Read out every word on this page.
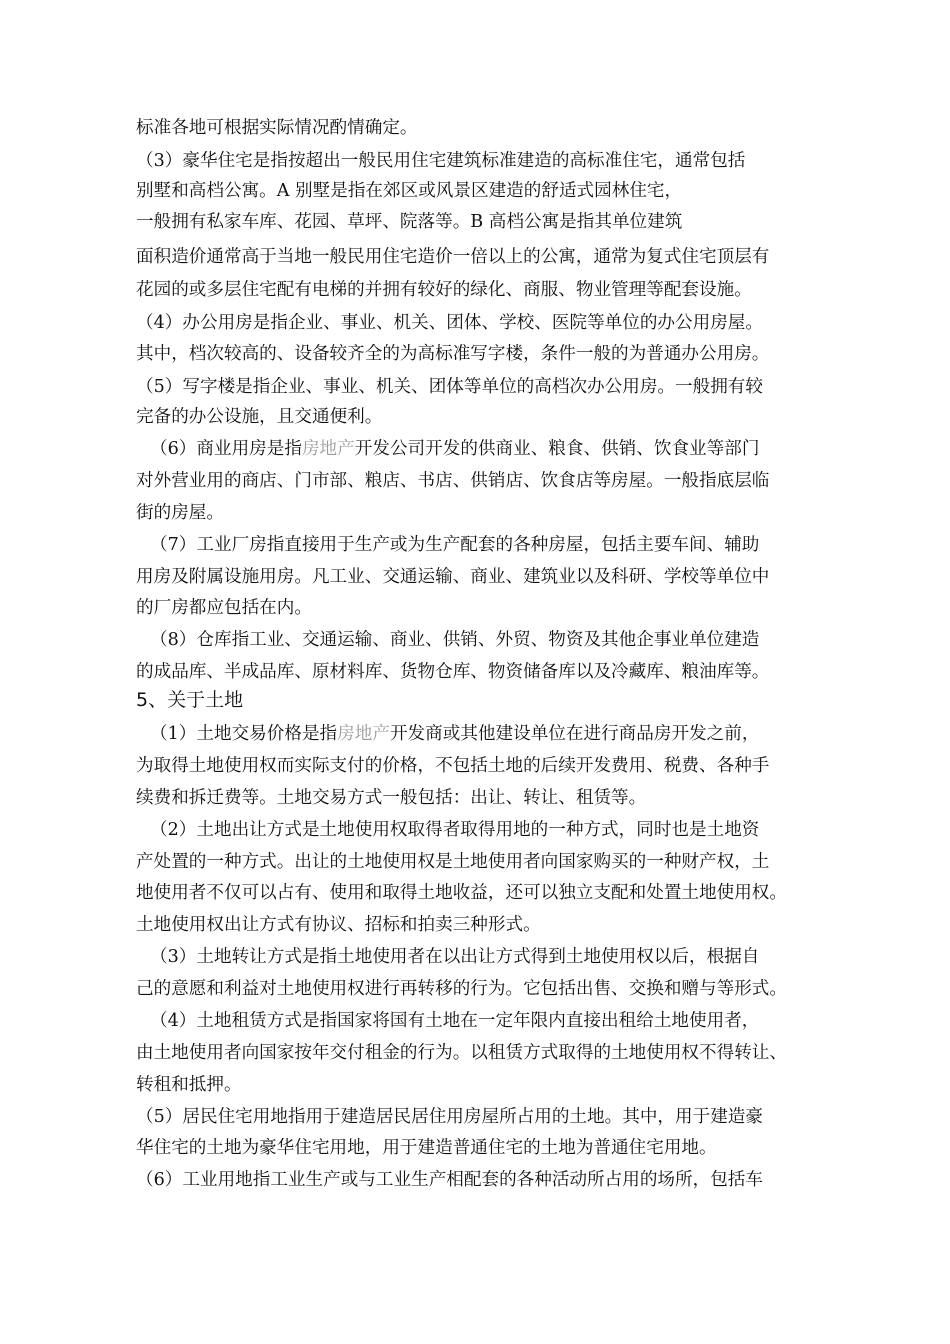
标准各地可根据实际情况酌情确定。
（3）豪华住宅是指按超出一般民用住宅建筑标准建造的高标准住宅，通常包括
别墅和高档公寓。A 别墅是指在郊区或风景区建造的舒适式园林住宅，
一般拥有私家车库、花园、草坪、院落等。B 高档公寓是指其单位建筑
面积造价通常高于当地一般民用住宅造价一倍以上的公寓，通常为复式住宅顶层有
花园的或多层住宅配有电梯的并拥有较好的绿化、商服、物业管理等配套设施。
（4）办公用房是指企业、事业、机关、团体、学校、医院等单位的办公用房屋。
其中，档次较高的、设备较齐全的为高标准写字楼，条件一般的为普通办公用房。
（5）写字楼是指企业、事业、机关、团体等单位的高档次办公用房。一般拥有较
完备的办公设施，且交通便利。
（6）商业用房是指房地产开发公司开发的供商业、粮食、供销、饮食业等部门
对外营业用的商店、门市部、粮店、书店、供销店、饮食店等房屋。一般指底层临
街的房屋。
（7）工业厂房指直接用于生产或为生产配套的各种房屋，包括主要车间、辅助
用房及附属设施用房。凡工业、交通运输、商业、建筑业以及科研、学校等单位中
的厂房都应包括在内。
（8）仓库指工业、交通运输、商业、供销、外贸、物资及其他企事业单位建造
的成品库、半成品库、原材料库、货物仓库、物资储备库以及冷藏库、粮油库等。
5、关于土地
（1）土地交易价格是指房地产开发商或其他建设单位在进行商品房开发之前，
为取得土地使用权而实际支付的价格，不包括土地的后续开发费用、税费、各种手
续费和拆迁费等。土地交易方式一般包括：出让、转让、租赁等。
（2）土地出让方式是土地使用权取得者取得用地的一种方式，同时也是土地资
产处置的一种方式。出让的土地使用权是土地使用者向国家购买的一种财产权，土
地使用者不仅可以占有、使用和取得土地收益，还可以独立支配和处置土地使用权。
土地使用权出让方式有协议、招标和拍卖三种形式。
（3）土地转让方式是指土地使用者在以出让方式得到土地使用权以后，根据自
己的意愿和利益对土地使用权进行再转移的行为。它包括出售、交换和赠与等形式。
（4）土地租赁方式是指国家将国有土地在一定年限内直接出租给土地使用者，
由土地使用者向国家按年交付租金的行为。以租赁方式取得的土地使用权不得转让、
转租和抵押。
（5）居民住宅用地指用于建造居民居住用房屋所占用的土地。其中，用于建造豪
华住宅的土地为豪华住宅用地，用于建造普通住宅的土地为普通住宅用地。
（6）工业用地指工业生产或与工业生产相配套的各种活动所占用的场所，包括车
